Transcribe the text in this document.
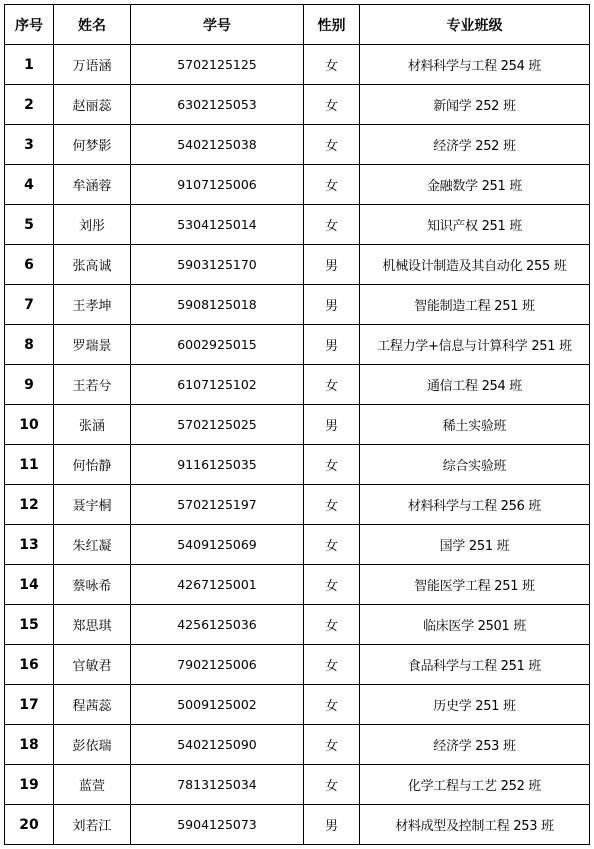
序号	姓名	学号	性别	专业班级
1	万语涵	5702125125	女	材料科学与工程 254 班
2	赵丽蕊	6302125053	女	新闻学 252 班
3	何梦影	5402125038	女	经济学 252 班
4	牟涵蓉	9107125006	女	金融数学 251 班
5	刘彤	5304125014	女	知识产权 251 班
6	张高诚	5903125170	男	机械设计制造及其自动化 255 班
7	王孝坤	5908125018	男	智能制造工程 251 班
8	罗瑞景	6002925015	男	工程力学+信息与计算科学 251 班
9	王若兮	6107125102	女	通信工程 254 班
10	张涵	5702125025	男	稀土实验班
11	何怡静	9116125035	女	综合实验班
12	聂宇桐	5702125197	女	材料科学与工程 256 班
13	朱红凝	5409125069	女	国学 251 班
14	蔡咏希	4267125001	女	智能医学工程 251 班
15	郑思琪	4256125036	女	临床医学 2501 班
16	官敏君	7902125006	女	食品科学与工程 251 班
17	程茜蕊	5009125002	女	历史学 251 班
18	彭依瑞	5402125090	女	经济学 253 班
19	蓝萱	7813125034	女	化学工程与工艺 252 班
20	刘若江	5904125073	男	材料成型及控制工程 253 班
